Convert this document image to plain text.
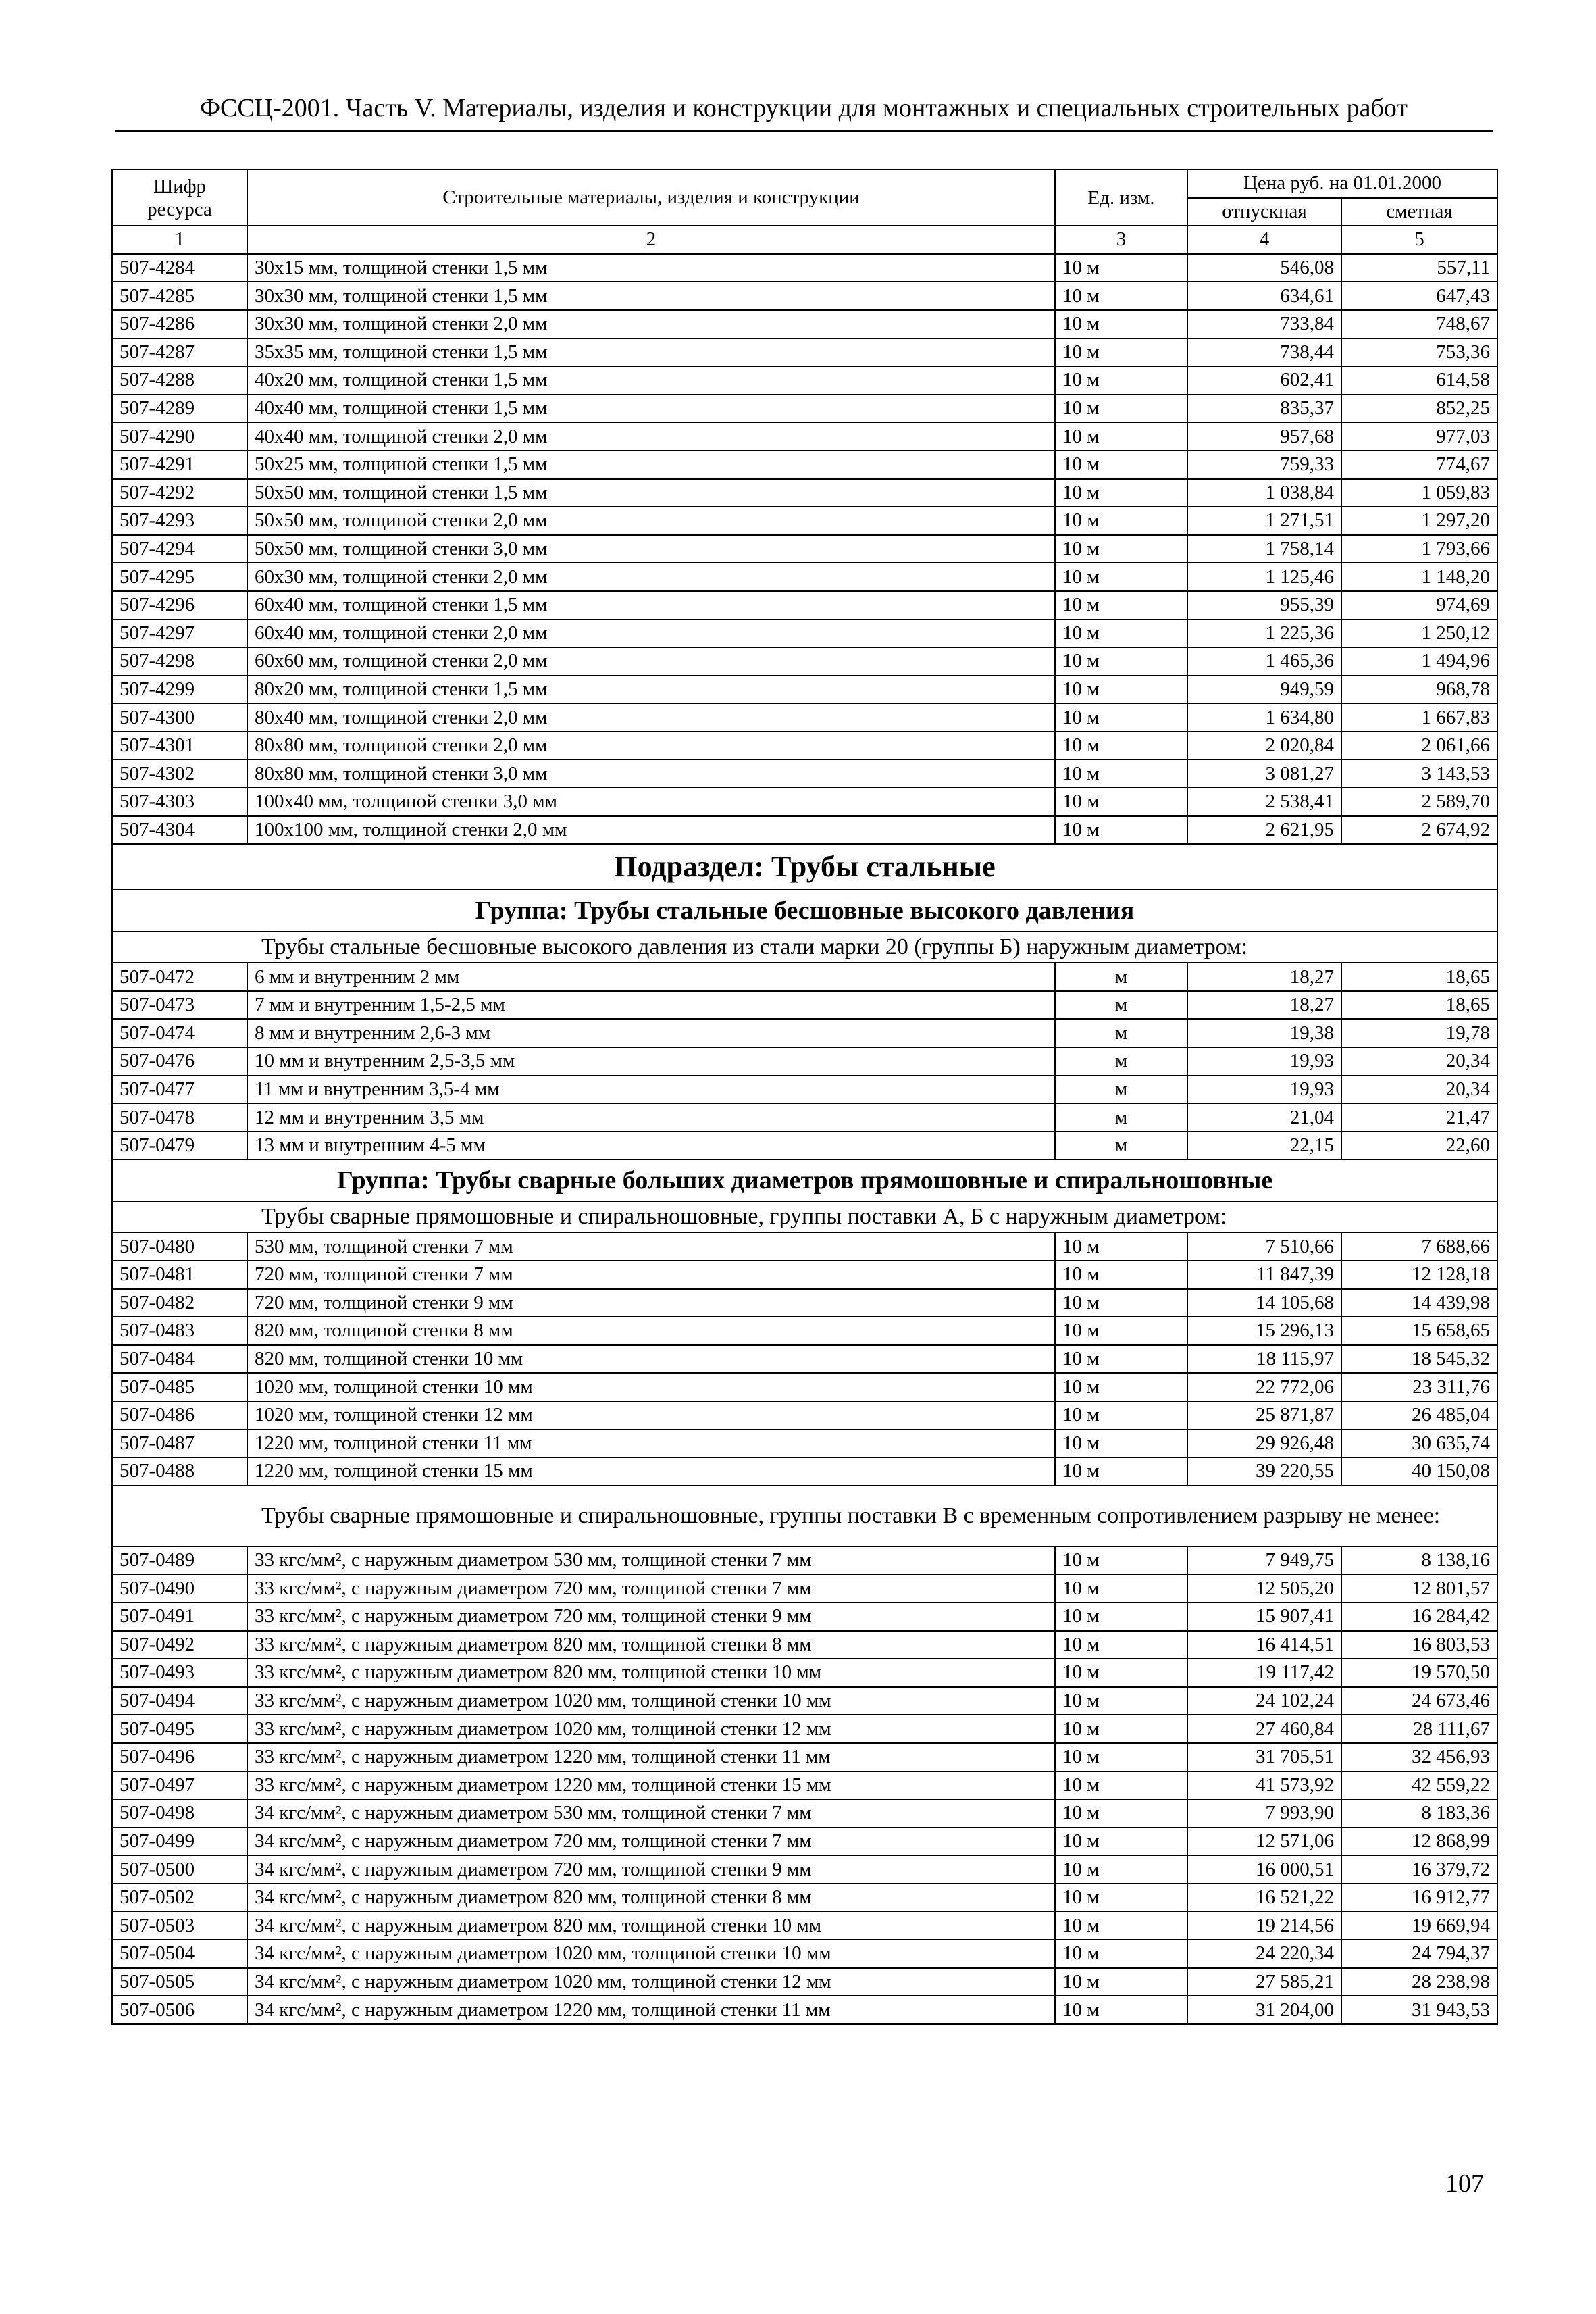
ФССЦ-2001. Часть V. Материалы, изделия и конструкции для монтажных и специальных строительных работ
Шифр ресурса	Строительные материалы, изделия и конструкции	Ед. изм.	Цена руб. на 01.01.2000	
			отпускная	сметная
1	2	3	4	5
507-4284	30х15 мм, толщиной стенки 1,5 мм	10 м	546,08	557,11
507-4285	30х30 мм, толщиной стенки 1,5 мм	10 м	634,61	647,43
507-4286	30х30 мм, толщиной стенки 2,0 мм	10 м	733,84	748,67
507-4287	35х35 мм, толщиной стенки 1,5 мм	10 м	738,44	753,36
507-4288	40х20 мм, толщиной стенки 1,5 мм	10 м	602,41	614,58
507-4289	40х40 мм, толщиной стенки 1,5 мм	10 м	835,37	852,25
507-4290	40х40 мм, толщиной стенки 2,0 мм	10 м	957,68	977,03
507-4291	50х25 мм, толщиной стенки 1,5 мм	10 м	759,33	774,67
507-4292	50х50 мм, толщиной стенки 1,5 мм	10 м	1 038,84	1 059,83
507-4293	50х50 мм, толщиной стенки 2,0 мм	10 м	1 271,51	1 297,20
507-4294	50х50 мм, толщиной стенки 3,0 мм	10 м	1 758,14	1 793,66
507-4295	60х30 мм, толщиной стенки 2,0 мм	10 м	1 125,46	1 148,20
507-4296	60х40 мм, толщиной стенки 1,5 мм	10 м	955,39	974,69
507-4297	60х40 мм, толщиной стенки 2,0 мм	10 м	1 225,36	1 250,12
507-4298	60х60 мм, толщиной стенки 2,0 мм	10 м	1 465,36	1 494,96
507-4299	80х20 мм, толщиной стенки 1,5 мм	10 м	949,59	968,78
507-4300	80х40 мм, толщиной стенки 2,0 мм	10 м	1 634,80	1 667,83
507-4301	80х80 мм, толщиной стенки 2,0 мм	10 м	2 020,84	2 061,66
507-4302	80х80 мм, толщиной стенки 3,0 мм	10 м	3 081,27	3 143,53
507-4303	100х40 мм, толщиной стенки 3,0 мм	10 м	2 538,41	2 589,70
507-4304	100х100 мм, толщиной стенки 2,0 мм	10 м	2 621,95	2 674,92
Подраздел: Трубы стальные				
Группа: Трубы стальные бесшовные высокого давления				
Трубы стальные бесшовные высокого давления из стали марки 20 (группы Б) наружным диаметром:				
507-0472	6 мм и внутренним 2 мм	м	18,27	18,65
507-0473	7 мм и внутренним 1,5-2,5 мм	м	18,27	18,65
507-0474	8 мм и внутренним 2,6-3 мм	м	19,38	19,78
507-0476	10 мм и внутренним 2,5-3,5 мм	м	19,93	20,34
507-0477	11 мм и внутренним 3,5-4 мм	м	19,93	20,34
507-0478	12 мм и внутренним 3,5 мм	м	21,04	21,47
507-0479	13 мм и внутренним 4-5 мм	м	22,15	22,60
Группа: Трубы сварные больших диаметров прямошовные и спиральношовные				
Трубы сварные прямошовные и спиральношовные, группы поставки А, Б с наружным диаметром:				
507-0480	530 мм, толщиной стенки 7 мм	10 м	7 510,66	7 688,66
507-0481	720 мм, толщиной стенки 7 мм	10 м	11 847,39	12 128,18
507-0482	720 мм, толщиной стенки 9 мм	10 м	14 105,68	14 439,98
507-0483	820 мм, толщиной стенки 8 мм	10 м	15 296,13	15 658,65
507-0484	820 мм, толщиной стенки 10 мм	10 м	18 115,97	18 545,32
507-0485	1020 мм, толщиной стенки 10 мм	10 м	22 772,06	23 311,76
507-0486	1020 мм, толщиной стенки 12 мм	10 м	25 871,87	26 485,04
507-0487	1220 мм, толщиной стенки 11 мм	10 м	29 926,48	30 635,74
507-0488	1220 мм, толщиной стенки 15 мм	10 м	39 220,55	40 150,08
Трубы сварные прямошовные и спиральношовные, группы поставки В с временным сопротивлением разрыву не менее:				
507-0489	33 кгс/мм², с наружным диаметром 530 мм, толщиной стенки 7 мм	10 м	7 949,75	8 138,16
507-0490	33 кгс/мм², с наружным диаметром 720 мм, толщиной стенки 7 мм	10 м	12 505,20	12 801,57
507-0491	33 кгс/мм², с наружным диаметром 720 мм, толщиной стенки 9 мм	10 м	15 907,41	16 284,42
507-0492	33 кгс/мм², с наружным диаметром 820 мм, толщиной стенки 8 мм	10 м	16 414,51	16 803,53
507-0493	33 кгс/мм², с наружным диаметром 820 мм, толщиной стенки 10 мм	10 м	19 117,42	19 570,50
507-0494	33 кгс/мм², с наружным диаметром 1020 мм, толщиной стенки 10 мм	10 м	24 102,24	24 673,46
507-0495	33 кгс/мм², с наружным диаметром 1020 мм, толщиной стенки 12 мм	10 м	27 460,84	28 111,67
507-0496	33 кгс/мм², с наружным диаметром 1220 мм, толщиной стенки 11 мм	10 м	31 705,51	32 456,93
507-0497	33 кгс/мм², с наружным диаметром 1220 мм, толщиной стенки 15 мм	10 м	41 573,92	42 559,22
507-0498	34 кгс/мм², с наружным диаметром 530 мм, толщиной стенки 7 мм	10 м	7 993,90	8 183,36
507-0499	34 кгс/мм², с наружным диаметром 720 мм, толщиной стенки 7 мм	10 м	12 571,06	12 868,99
507-0500	34 кгс/мм², с наружным диаметром 720 мм, толщиной стенки 9 мм	10 м	16 000,51	16 379,72
507-0502	34 кгс/мм², с наружным диаметром 820 мм, толщиной стенки 8 мм	10 м	16 521,22	16 912,77
507-0503	34 кгс/мм², с наружным диаметром 820 мм, толщиной стенки 10 мм	10 м	19 214,56	19 669,94
507-0504	34 кгс/мм², с наружным диаметром 1020 мм, толщиной стенки 10 мм	10 м	24 220,34	24 794,37
507-0505	34 кгс/мм², с наружным диаметром 1020 мм, толщиной стенки 12 мм	10 м	27 585,21	28 238,98
507-0506	34 кгс/мм², с наружным диаметром 1220 мм, толщиной стенки 11 мм	10 м	31 204,00	31 943,53
107
